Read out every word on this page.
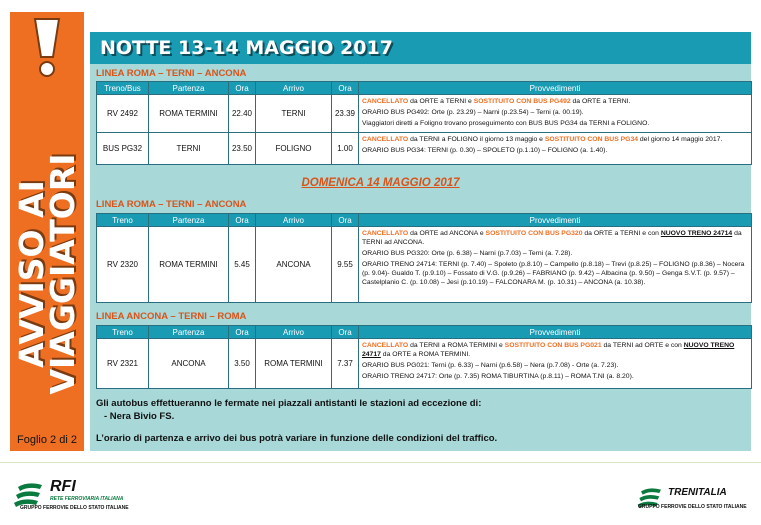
AVVISO AI
VIAGGIATORI
Foglio 2 di 2
NOTTE 13-14 MAGGIO 2017
LINEA ROMA – TERNI – ANCONA
Treno/Bus	Partenza	Ora	Arrivo	Ora	Provvedimenti
RV 2492	ROMA TERMINI	22.40	TERNI	23.39	CANCELLATO da ORTE a TERNI e SOSTITUITO CON BUS PG492 da ORTE a TERNI.

ORARIO BUS PG492: Orte (p. 23.29) – Narni (p.23.54) – Terni (a. 00.19).

Viaggiatori diretti a Foligno trovano proseguimento con BUS BUS PG34 da TERNI a FOLIGNO.

BUS PG32	TERNI	23.50	FOLIGNO	1.00	CANCELLATO da TERNI a FOLIGNO il giorno 13 maggio e SOSTITUITO CON BUS PG34 del giorno 14 maggio 2017.

ORARIO BUS PG34: TERNI (p. 0.30) – SPOLETO (p.1.10) – FOLIGNO (a. 1.40).

DOMENICA 14 MAGGIO 2017
LINEA ROMA – TERNI – ANCONA
Treno	Partenza	Ora	Arrivo	Ora	Provvedimenti
RV 2320	ROMA TERMINI	5.45	ANCONA	9.55	CANCELLATO da ORTE ad ANCONA e SOSTITUITO CON BUS PG320 da ORTE a TERNI e con NUOVO TRENO 24714 da TERNI ad ANCONA.

ORARIO BUS PG320: Orte (p. 6.38) – Narni (p.7.03) – Terni (a. 7.28).

ORARIO TRENO 24714: TERNI (p. 7.40) – Spoleto (p.8.10) – Campello (p.8.18) – Trevi (p.8.25) – FOLIGNO (p.8.36) – Nocera (p. 9.04)- Gualdo T. (p.9.10) – Fossato di V.G. (p.9.26) – FABRIANO (p. 9.42) – Albacina (p. 9.50) – Genga S.V.T. (p. 9.57) – Castelplanio C. (p. 10.08) – Jesi (p.10.19) – FALCONARA M. (p. 10.31) – ANCONA (a. 10.38).

LINEA ANCONA – TERNI – ROMA
Treno	Partenza	Ora	Arrivo	Ora	Provvedimenti
RV 2321	ANCONA	3.50	ROMA TERMINI	7.37	CANCELLATO da TERNI a ROMA TERMINI e SOSTITUITO CON BUS PG021 da TERNI ad ORTE e con NUOVO TRENO 24717 da ORTE a ROMA TERMINI.

ORARIO BUS PG021: Terni (p. 6.33) – Narni (p.6.58) – Nera (p.7.08) - Orte (a. 7.23).

ORARIO TRENO 24717: Orte (p. 7.35) ROMA TIBURTINA (p.8.11) – ROMA T.NI (a. 8.20).

Gli autobus effettueranno le fermate nei piazzali antistanti le stazioni ad eccezione di:
- Nera Bivio FS.
L’orario di partenza e arrivo dei bus potrà variare in funzione delle condizioni del traffico.
RFI
RETE FERROVIARIA ITALIANA
GRUPPO FERROVIE DELLO STATO ITALIANE
TRENITALIA
GRUPPO FERROVIE DELLO STATO ITALIANE
